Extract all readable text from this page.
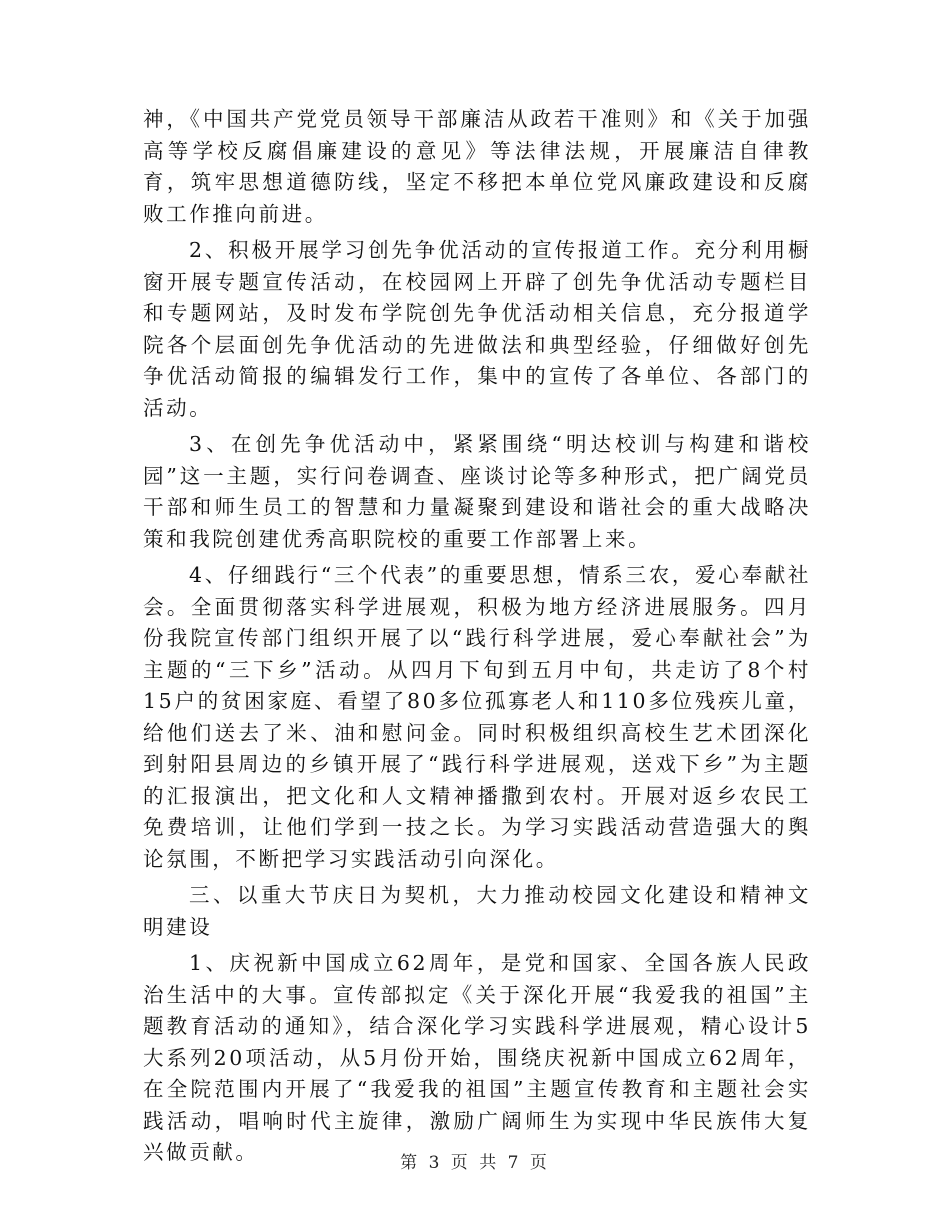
神，《中国共产党党员领导干部廉洁从政若干准则》和《关于加强高等学校反腐倡廉建设的意见》等法律法规，开展廉洁自律教育，筑牢思想道德防线，坚定不移把本单位党风廉政建设和反腐败工作推向前进。

2、积极开展学习创先争优活动的宣传报道工作。充分利用橱窗开展专题宣传活动，在校园网上开辟了创先争优活动专题栏目和专题网站，及时发布学院创先争优活动相关信息，充分报道学院各个层面创先争优活动的先进做法和典型经验，仔细做好创先争优活动简报的编辑发行工作，集中的宣传了各单位、各部门的活动。

3、在创先争优活动中，紧紧围绕“明达校训与构建和谐校园”这一主题，实行问卷调查、座谈讨论等多种形式，把广阔党员干部和师生员工的智慧和力量凝聚到建设和谐社会的重大战略决策和我院创建优秀高职院校的重要工作部署上来。

4、仔细践行“三个代表”的重要思想，情系三农，爱心奉献社会。全面贯彻落实科学进展观，积极为地方经济进展服务。四月份我院宣传部门组织开展了以“践行科学进展，爱心奉献社会”为主题的“三下乡”活动。从四月下旬到五月中旬，共走访了8个村15户的贫困家庭、看望了80多位孤寡老人和110多位残疾儿童，给他们送去了米、油和慰问金。同时积极组织高校生艺术团深化到射阳县周边的乡镇开展了“践行科学进展观，送戏下乡”为主题的汇报演出，把文化和人文精神播撒到农村。开展对返乡农民工免费培训，让他们学到一技之长。为学习实践活动营造强大的舆论氛围，不断把学习实践活动引向深化。

三、以重大节庆日为契机，大力推动校园文化建设和精神文明建设

1、庆祝新中国成立62周年，是党和国家、全国各族人民政治生活中的大事。宣传部拟定《关于深化开展“我爱我的祖国”主题教育活动的通知》，结合深化学习实践科学进展观，精心设计5大系列20项活动，从5月份开始，围绕庆祝新中国成立62周年，在全院范围内开展了“我爱我的祖国”主题宣传教育和主题社会实践活动，唱响时代主旋律，激励广阔师生为实现中华民族伟大复兴做贡献。	第 3 页 共 7 页
